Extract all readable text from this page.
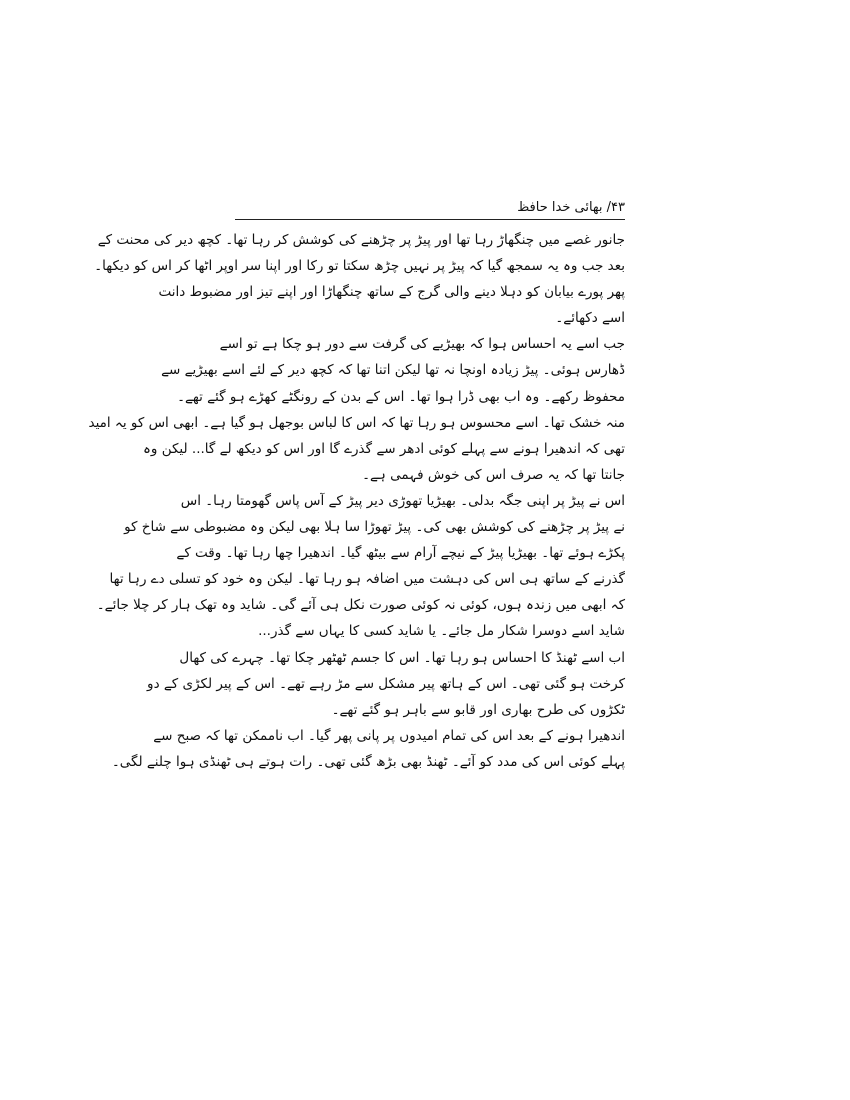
۴۳/ بھائی خدا حافظ
جانور غصے میں چنگھاڑ رہا تھا اور پیڑ پر چڑھنے کی کوشش کر رہا تھا۔ کچھ دیر کی محنت کے
بعد جب وہ یہ سمجھ گیا کہ پیڑ پر نہیں چڑھ سکتا تو رکا اور اپنا سر اوپر اٹھا کر اس کو دیکھا۔
پھر پورے بیابان کو دہلا دینے والی گرج کے ساتھ چنگھاڑا اور اپنے تیز اور مضبوط دانت
اسے دکھائے۔
جب اسے یہ احساس ہوا کہ بھیڑیے کی گرفت سے دور ہو چکا ہے تو اسے
ڈھارس ہوئی۔ پیڑ زیادہ اونچا نہ تھا لیکن اتنا تھا کہ کچھ دیر کے لئے اسے بھیڑیے سے
محفوظ رکھے۔ وہ اب بھی ڈرا ہوا تھا۔ اس کے بدن کے رونگٹے کھڑے ہو گئے تھے۔
منہ خشک تھا۔ اسے محسوس ہو رہا تھا کہ اس کا لباس بوجھل ہو گیا ہے۔ ابھی اس کو یہ امید
تھی کہ اندھیرا ہونے سے پہلے کوئی ادھر سے گذرے گا اور اس کو دیکھ لے گا... لیکن وہ
جانتا تھا کہ یہ صرف اس کی خوش فہمی ہے۔
اس نے پیڑ پر اپنی جگہ بدلی۔ بھیڑیا تھوڑی دیر پیڑ کے آس پاس گھومتا رہا۔ اس
نے پیڑ پر چڑھنے کی کوشش بھی کی۔ پیڑ تھوڑا سا ہلا بھی لیکن وہ مضبوطی سے شاخ کو
پکڑے ہوئے تھا۔ بھیڑیا پیڑ کے نیچے آرام سے بیٹھ گیا۔ اندھیرا چھا رہا تھا۔ وقت کے
گذرنے کے ساتھ ہی اس کی دہشت میں اضافہ ہو رہا تھا۔ لیکن وہ خود کو تسلی دے رہا تھا
کہ ابھی میں زندہ ہوں، کوئی نہ کوئی صورت نکل ہی آئے گی۔ شاید وہ تھک ہار کر چلا جائے۔
شاید اسے دوسرا شکار مل جائے۔ یا شاید کسی کا یہاں سے گذر...
اب اسے ٹھنڈ کا احساس ہو رہا تھا۔ اس کا جسم ٹھٹھر چکا تھا۔ چہرے کی کھال
کرخت ہو گئی تھی۔ اس کے ہاتھ پیر مشکل سے مڑ رہے تھے۔ اس کے پیر لکڑی کے دو
ٹکڑوں کی طرح بھاری اور قابو سے باہر ہو گئے تھے۔
اندھیرا ہونے کے بعد اس کی تمام امیدوں پر پانی پھر گیا۔ اب ناممکن تھا کہ صبح سے
پہلے کوئی اس کی مدد کو آئے۔ ٹھنڈ بھی بڑھ گئی تھی۔ رات ہوتے ہی ٹھنڈی ہوا چلنے لگی۔
